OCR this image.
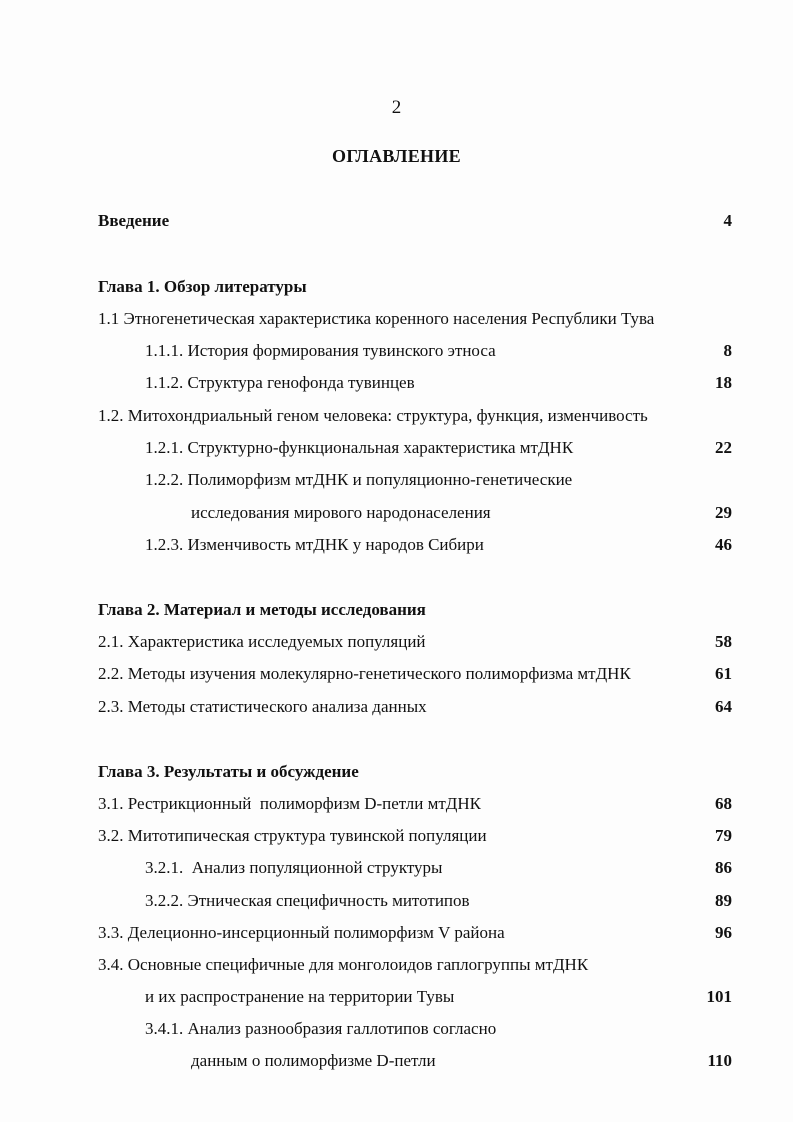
2
ОГЛАВЛЕНИЕ
Введение	4
Глава 1. Обзор литературы
1.1 Этногенетическая характеристика коренного населения Республики Тува
1.1.1. История формирования тувинского этноса	8
1.1.2. Структура генофонда тувинцев	18
1.2. Митохондриальный геном человека: структура, функция, изменчивость
1.2.1. Структурно-функциональная характеристика мтДНК	22
1.2.2. Полиморфизм мтДНК и популяционно-генетические
исследования мирового народонаселения	29
1.2.3. Изменчивость мтДНК у народов Сибири	46
Глава 2. Материал и методы исследования
2.1. Характеристика исследуемых популяций	58
2.2. Методы изучения молекулярно-генетического полиморфизма мтДНК	61
2.3. Методы статистического анализа данных	64
Глава 3. Результаты и обсуждение
3.1. Рестрикционный  полиморфизм D-петли мтДНК	68
3.2. Митотипическая структура тувинской популяции	79
3.2.1.  Анализ популяционной структуры	86
3.2.2. Этническая специфичность митотипов	89
3.3. Делеционно-инсерционный полиморфизм V района	96
3.4. Основные специфичные для монголоидов гаплогруппы мтДНК
и их распространение на территории Тувы	101
3.4.1. Анализ разнообразия галлотипов согласно
данным о полиморфизме D-петли	110
